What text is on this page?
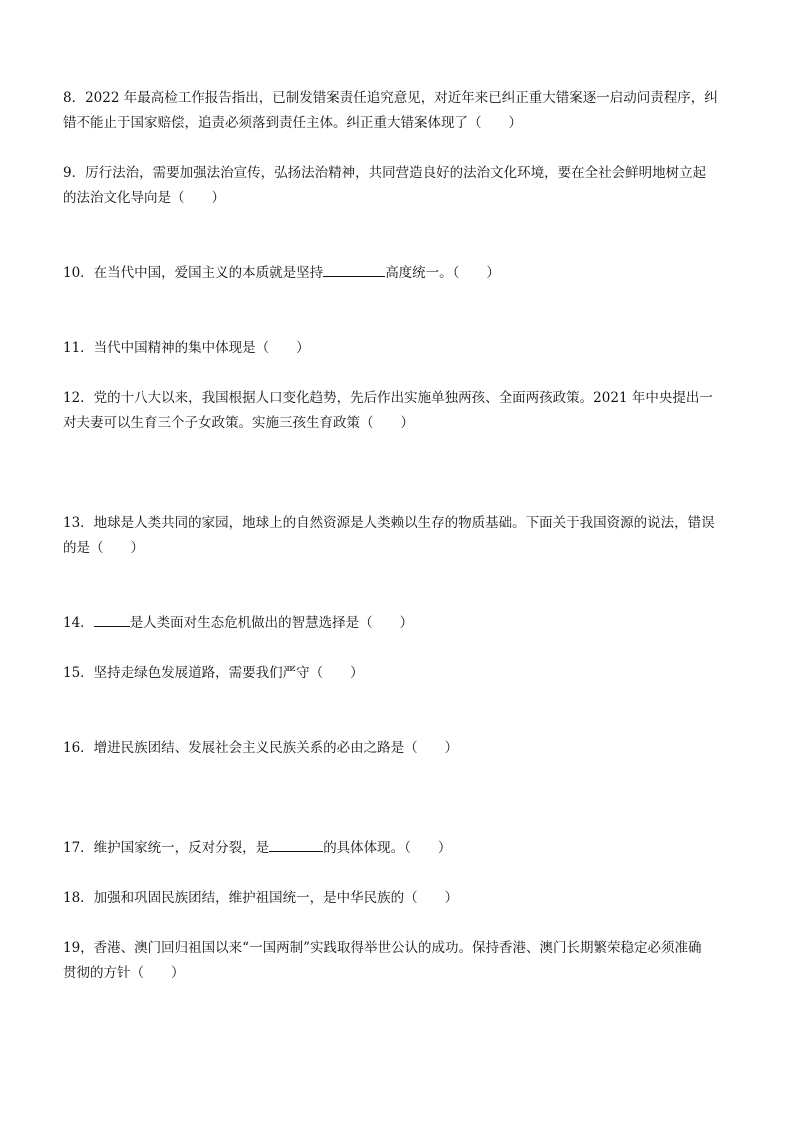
8．2022 年最高检工作报告指出，已制发错案责任追究意见，对近年来已纠正重大错案逐一启动问责程序，纠
错不能止于国家赔偿，追责必须落到责任主体。纠正重大错案体现了（　　）

9．厉行法治，需要加强法治宣传，弘扬法治精神，共同营造良好的法治文化环境，要在全社会鲜明地树立起
的法治文化导向是（　　）

10．在当代中国，爱国主义的本质就是坚持	高度统一。（　　）

11．当代中国精神的集中体现是（　　）

12．党的十八大以来，我国根据人口变化趋势，先后作出实施单独两孩、全面两孩政策。2021 年中央提出一
对夫妻可以生育三个子女政策。实施三孩生育政策（　　）

13．地球是人类共同的家园，地球上的自然资源是人类赖以生存的物质基础。下面关于我国资源的说法，错误
的是（　　）

14．	是人类面对生态危机做出的智慧选择是（　　）

15．坚持走绿色发展道路，需要我们严守（　　）

16．增进民族团结、发展社会主义民族关系的必由之路是（　　）

17．维护国家统一，反对分裂，是	的具体体现。（　　）

18．加强和巩固民族团结，维护祖国统一，是中华民族的（　　）

19，香港、澳门回归祖国以来“一国两制”实践取得举世公认的成功。保持香港、澳门长期繁荣稳定必须准确
贯彻的方针（　　）
